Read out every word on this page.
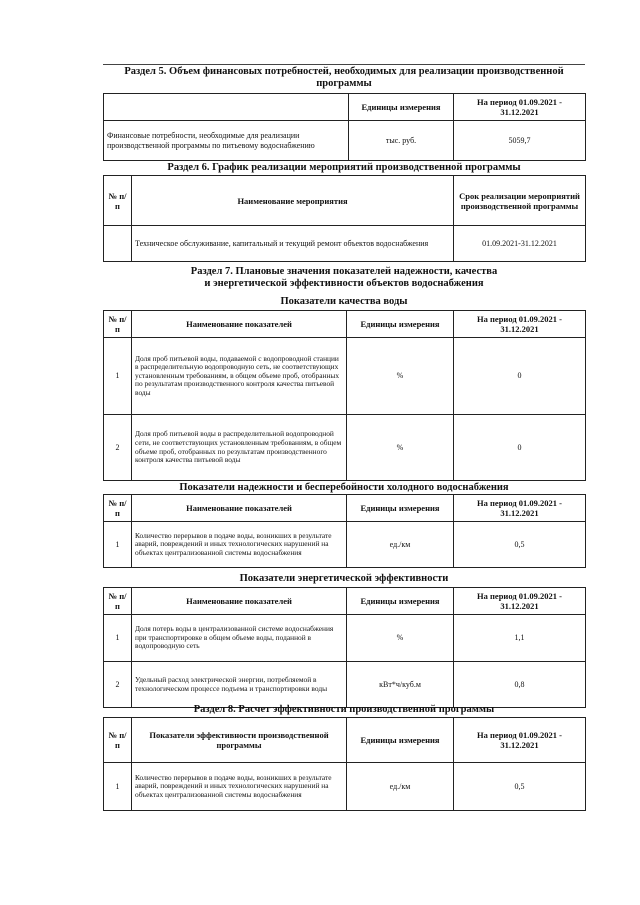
Раздел 5. Объем финансовых потребностей, необходимых для реализации производственной программы
	Единицы измерения	На период 01.09.2021 - 31.12.2021
Финансовые потребности, необходимые для реализации производственной программы по питьевому водоснабжению	тыс. руб.	5059,7
Раздел 6. График реализации мероприятий производственной программы
№ п/п	Наименование мероприятия	Срок реализации мероприятий производственной программы
	Техническое обслуживание, капитальный и текущий ремонт объектов водоснабжения	01.09.2021-31.12.2021
Раздел 7. Плановые значения показателей надежности, качества
и энергетической эффективности объектов водоснабжения
Показатели качества воды
№ п/п	Наименование показателей	Единицы измерения	На период 01.09.2021 - 31.12.2021
1	Доля проб питьевой воды, подаваемой с водопроводной станции в распределительную водопроводную сеть, не соответствующих установленным требованиям, в общем объеме проб, отобранных по результатам производственного контроля качества питьевой воды	%	0
2	Доля проб питьевой воды в распределительной водопроводной сети, не соответствующих установленным требованиям, в общем объеме проб, отобранных по результатам производственного контроля качества питьевой воды	%	0
Показатели надежности и бесперебойности холодного водоснабжения
№ п/п	Наименование показателей	Единицы измерения	На период 01.09.2021 - 31.12.2021
1	Количество перерывов в подаче воды, возникших в результате аварий, повреждений и иных технологических нарушений на объектах централизованной системы водоснабжения	ед./км	0,5
Показатели энергетической эффективности
№ п/п	Наименование показателей	Единицы измерения	На период 01.09.2021 - 31.12.2021
1	Доля потерь воды в централизованной системе водоснабжения при транспортировке в общем объеме воды, поданной в водопроводную сеть	%	1,1
2	Удельный расход электрической энергии, потребляемой в технологическом процессе подъема и транспортировки воды	кВт*ч/куб.м	0,8
Раздел 8. Расчет эффективности производственной программы
№ п/п	Показатели эффективности производственной программы	Единицы измерения	На период 01.09.2021 - 31.12.2021
1	Количество перерывов в подаче воды, возникших в результате аварий, повреждений и иных технологических нарушений на объектах централизованной системы водоснабжения	ед./км	0,5
